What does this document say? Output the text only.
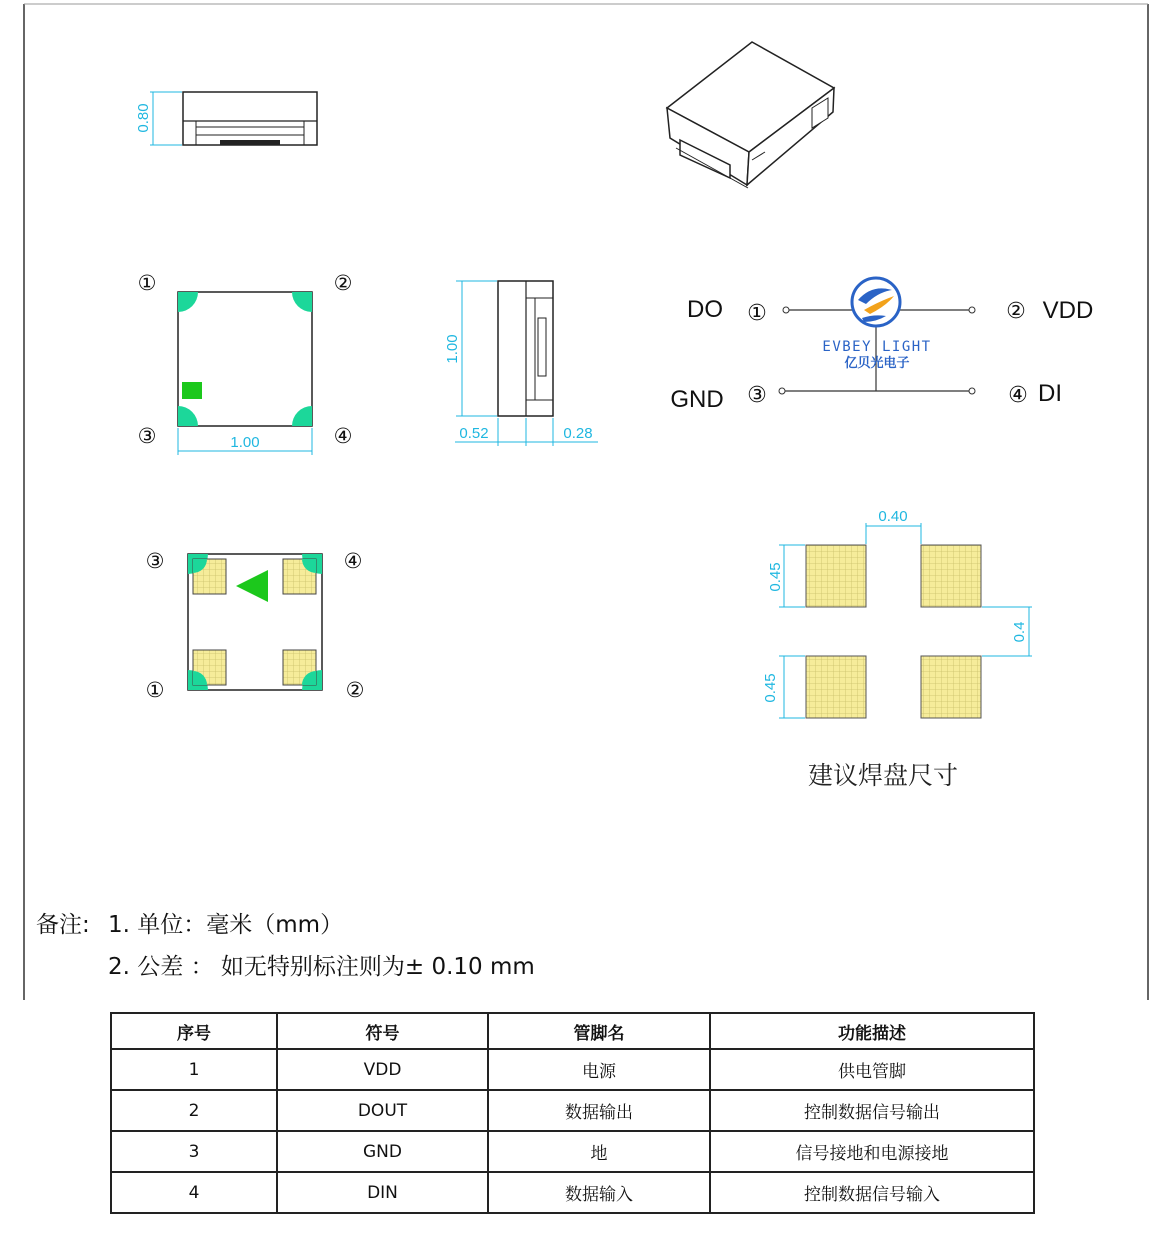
0.80
1.00
①	②
③	④
1.00
0.52	0.28
DO ①	② VDD
GND ③	④ DI
EVBEY LIGHT
亿贝光电子
③	④
①	②
0.40
0.45
0.45
0.4
建议焊盘尺寸
备注: 1. 单位：毫米（mm）
2. 公差 ： 如无特别标注则为± 0.10 mm
序号	符号	管脚名	功能描述
1	VDD	电源	供电管脚
2	DOUT	数据输出	控制数据信号输出
3	GND	地	信号接地和电源接地
4	DIN	数据输入	控制数据信号输入
